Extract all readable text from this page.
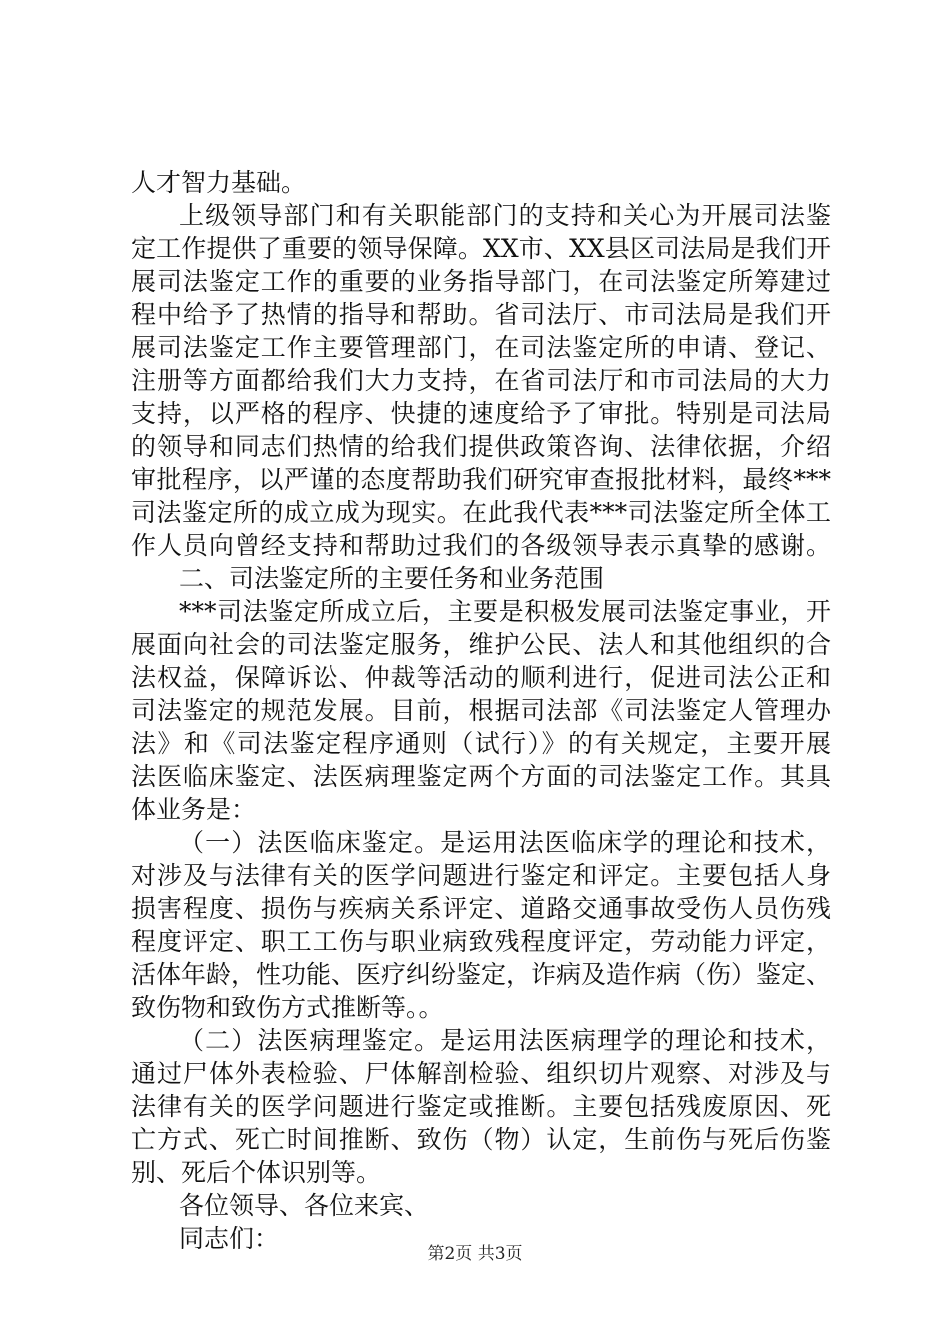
人才智力基础。
上级领导部门和有关职能部门的支持和关心为开展司法鉴
定工作提供了重要的领导保障。XX市、XX县区司法局是我们开
展司法鉴定工作的重要的业务指导部门，在司法鉴定所筹建过
程中给予了热情的指导和帮助。省司法厅、市司法局是我们开
展司法鉴定工作主要管理部门，在司法鉴定所的申请、登记、
注册等方面都给我们大力支持，在省司法厅和市司法局的大力
支持，以严格的程序、快捷的速度给予了审批。特别是司法局
的领导和同志们热情的给我们提供政策咨询、法律依据，介绍
审批程序，以严谨的态度帮助我们研究审查报批材料，最终***
司法鉴定所的成立成为现实。在此我代表***司法鉴定所全体工
作人员向曾经支持和帮助过我们的各级领导表示真挚的感谢。
二、司法鉴定所的主要任务和业务范围
***司法鉴定所成立后，主要是积极发展司法鉴定事业，开
展面向社会的司法鉴定服务，维护公民、法人和其他组织的合
法权益，保障诉讼、仲裁等活动的顺利进行，促进司法公正和
司法鉴定的规范发展。目前，根据司法部《司法鉴定人管理办
法》和《司法鉴定程序通则（试行）》的有关规定，主要开展
法医临床鉴定、法医病理鉴定两个方面的司法鉴定工作。其具
体业务是：
（一）法医临床鉴定。是运用法医临床学的理论和技术，
对涉及与法律有关的医学问题进行鉴定和评定。主要包括人身
损害程度、损伤与疾病关系评定、道路交通事故受伤人员伤残
程度评定、职工工伤与职业病致残程度评定，劳动能力评定，
活体年龄，性功能、医疗纠纷鉴定，诈病及造作病（伤）鉴定、
致伤物和致伤方式推断等。。
（二）法医病理鉴定。是运用法医病理学的理论和技术，
通过尸体外表检验、尸体解剖检验、组织切片观察、对涉及与
法律有关的医学问题进行鉴定或推断。主要包括残废原因、死
亡方式、死亡时间推断、致伤（物）认定，生前伤与死后伤鉴
别、死后个体识别等。
各位领导、各位来宾、
同志们：
第2页 共3页
